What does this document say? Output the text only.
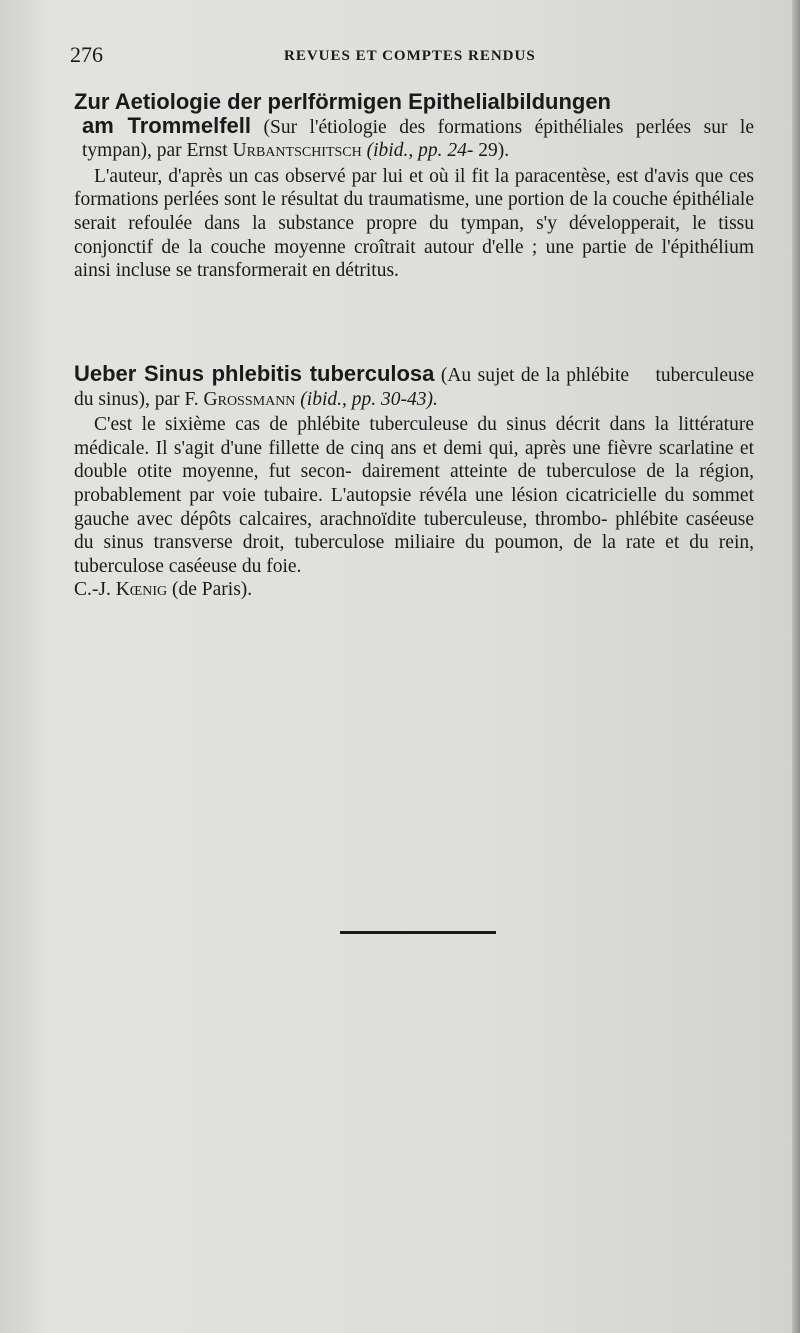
276	REVUES ET COMPTES RENDUS

Zur Aetiologie der perlförmigen Epithelialbildungen

am Trommelfell (Sur l'étiologie des formations épithéliales perlées sur le tympan), par Ernst Urbantschitsch (ibid., pp. 24- 29).

L'auteur, d'après un cas observé par lui et où il fit la paracentèse, est d'avis que ces formations perlées sont le résultat du traumatisme, une portion de la couche épithéliale serait refoulée dans la substance propre du tympan, s'y développerait, le tissu conjonctif de la couche moyenne croîtrait autour d'elle ; une partie de l'épithélium ainsi incluse se transformerait en détritus.

Ueber Sinus phlebitis tuberculosa (Au sujet de la phlébite tuberculeuse du sinus), par F. Grossmann (ibid., pp. 30-43).

C'est le sixième cas de phlébite tuberculeuse du sinus décrit dans la littérature médicale. Il s'agit d'une fillette de cinq ans et demi qui, après une fièvre scarlatine et double otite moyenne, fut secon- dairement atteinte de tuberculose de la région, probablement par voie tubaire. L'autopsie révéla une lésion cicatricielle du sommet gauche avec dépôts calcaires, arachnoïdite tuberculeuse, thrombo- phlébite caséeuse du sinus transverse droit, tuberculose miliaire du poumon, de la rate et du rein, tuberculose caséeuse du foie.

C.-J. Kœnig (de Paris).
